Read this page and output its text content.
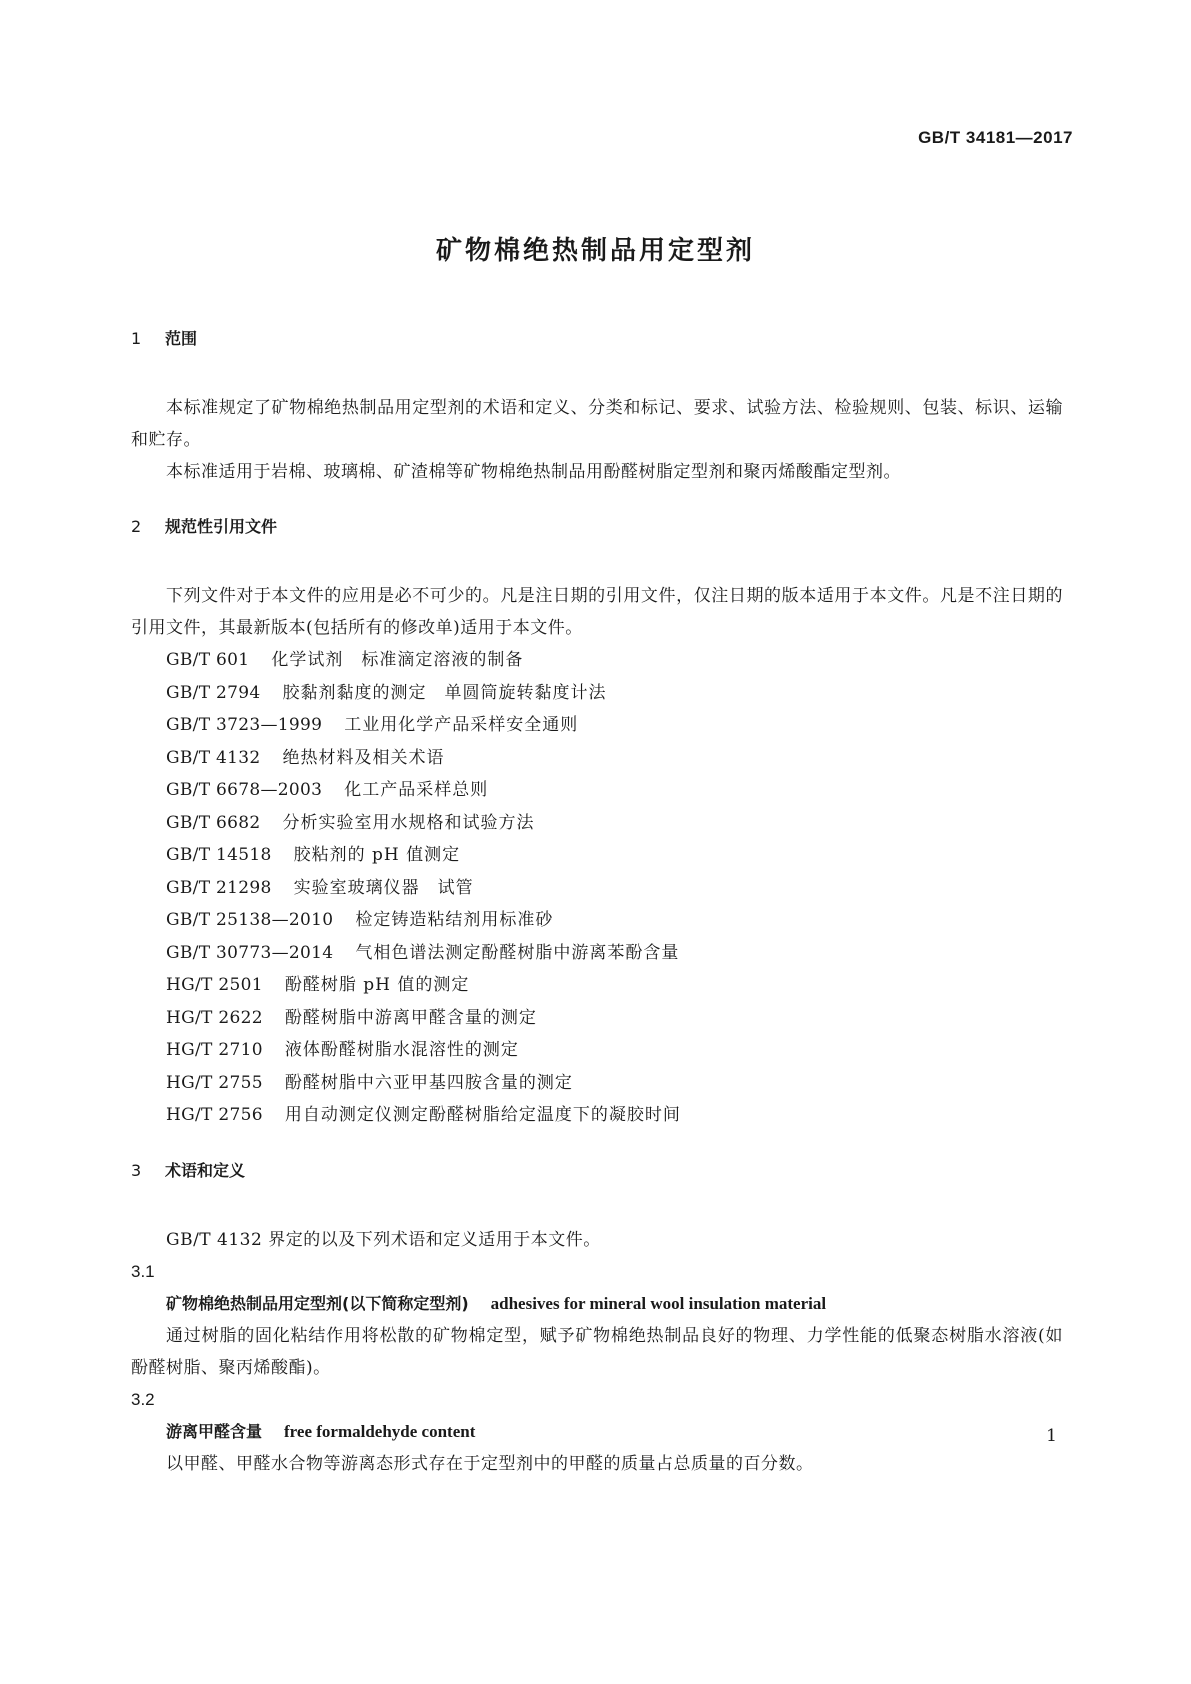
GB/T 34181—2017
矿物棉绝热制品用定型剂
1 范围

本标准规定了矿物棉绝热制品用定型剂的术语和定义、分类和标记、要求、试验方法、检验规则、包装、标识、运输和贮存。

本标准适用于岩棉、玻璃棉、矿渣棉等矿物棉绝热制品用酚醛树脂定型剂和聚丙烯酸酯定型剂。

2 规范性引用文件

下列文件对于本文件的应用是必不可少的。凡是注日期的引用文件，仅注日期的版本适用于本文件。凡是不注日期的引用文件，其最新版本(包括所有的修改单)适用于本文件。

GB/T 601 化学试剂　标准滴定溶液的制备
GB/T 2794 胶黏剂黏度的测定　单圆筒旋转黏度计法
GB/T 3723—1999 工业用化学产品采样安全通则
GB/T 4132 绝热材料及相关术语
GB/T 6678—2003 化工产品采样总则
GB/T 6682 分析实验室用水规格和试验方法
GB/T 14518 胶粘剂的 pH 值测定
GB/T 21298 实验室玻璃仪器　试管
GB/T 25138—2010 检定铸造粘结剂用标准砂
GB/T 30773—2014 气相色谱法测定酚醛树脂中游离苯酚含量
HG/T 2501 酚醛树脂 pH 值的测定
HG/T 2622 酚醛树脂中游离甲醛含量的测定
HG/T 2710 液体酚醛树脂水混溶性的测定
HG/T 2755 酚醛树脂中六亚甲基四胺含量的测定
HG/T 2756 用自动测定仪测定酚醛树脂给定温度下的凝胶时间
3 术语和定义

GB/T 4132 界定的以及下列术语和定义适用于本文件。

3.1
矿物棉绝热制品用定型剂(以下简称定型剂) adhesives for mineral wool insulation material

通过树脂的固化粘结作用将松散的矿物棉定型，赋予矿物棉绝热制品良好的物理、力学性能的低聚态树脂水溶液(如酚醛树脂、聚丙烯酸酯)。

3.2
游离甲醛含量 free formaldehyde content

以甲醛、甲醛水合物等游离态形式存在于定型剂中的甲醛的质量占总质量的百分数。

1
